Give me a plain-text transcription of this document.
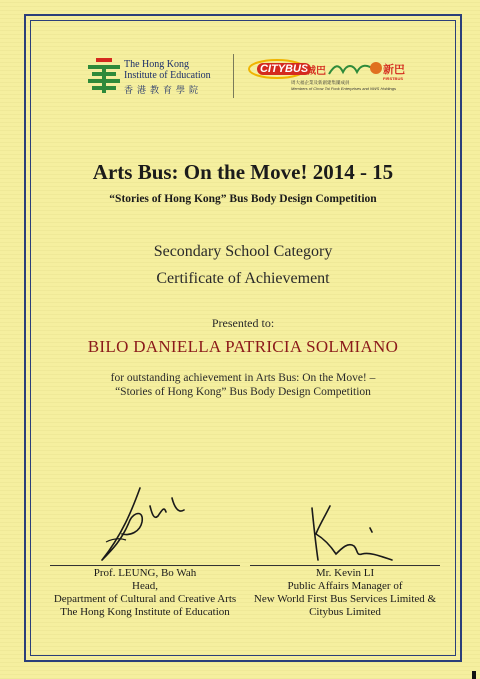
The Hong Kong
Institute of Education
香港教育學院
CITYBUS
城巴	新巴
FIRSTBUS
周大福企業及新創建集團成員
Members of Chow Tai Fook Enterprises and NWS Holdings
Arts Bus: On the Move! 2014 - 15
“Stories of Hong Kong” Bus Body Design Competition
Secondary School Category
Certificate of Achievement
Presented to:
BILO DANIELLA PATRICIA SOLMIANO
for outstanding achievement in Arts Bus: On the Move! –
“Stories of Hong Kong” Bus Body Design Competition
Prof. LEUNG, Bo Wah
Head,
Department of Cultural and Creative Arts
The Hong Kong Institute of Education
Mr. Kevin LI
Public Affairs Manager of
New World First Bus Services Limited &
Citybus Limited
